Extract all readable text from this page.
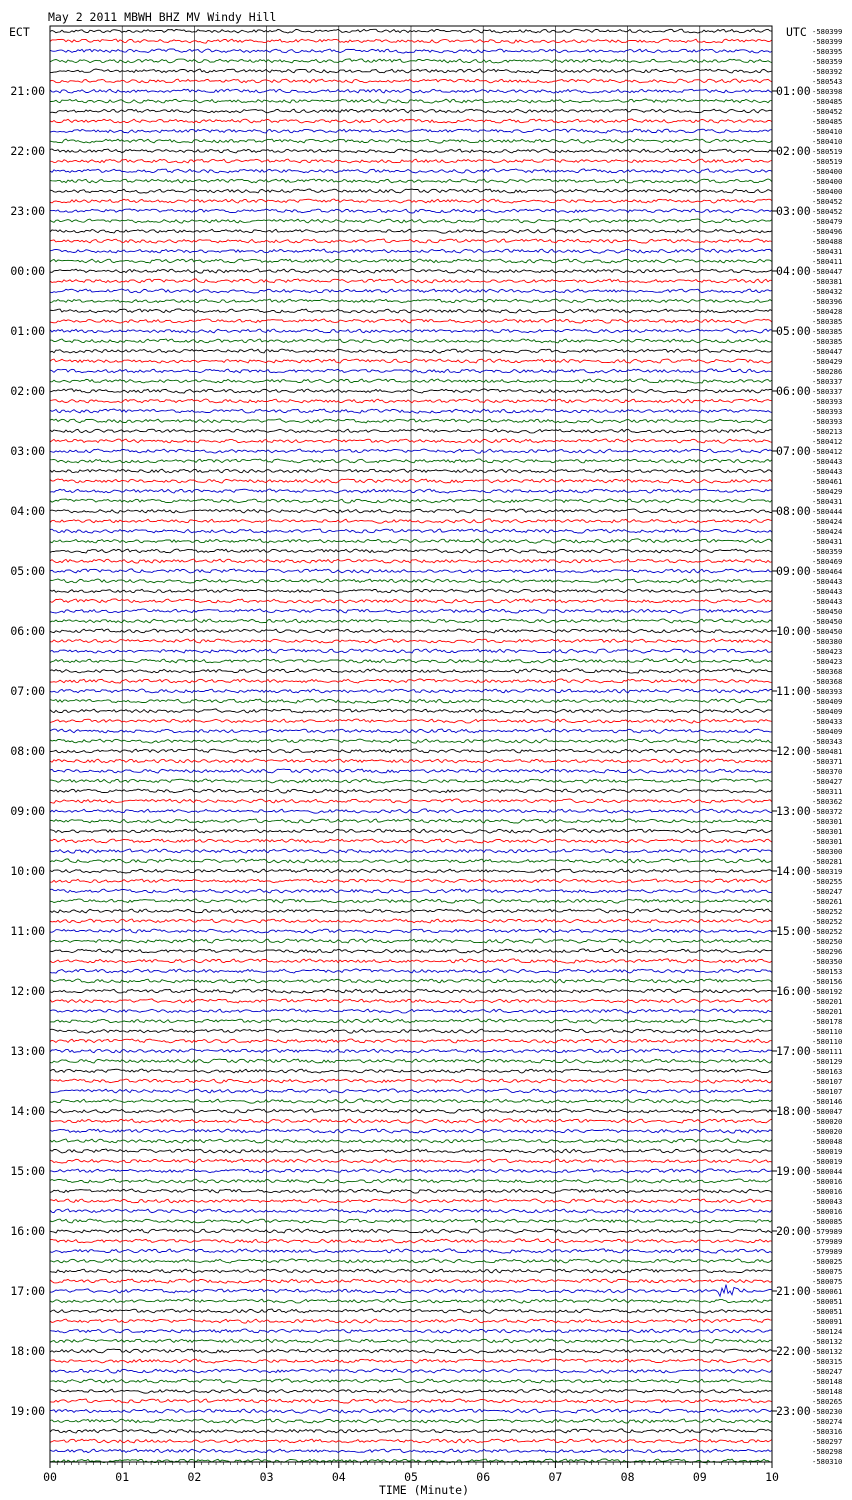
00	01	02	03	04	05	06	07	08	09	10
21:00
22:00
23:00
00:00
01:00
02:00
03:00
04:00
05:00
06:00
07:00
08:00
09:00
10:00
11:00
12:00
13:00
14:00
15:00
16:00
17:00
18:00
19:00
01:00
02:00
03:00
04:00
05:00
06:00
07:00
08:00
09:00
10:00
11:00
12:00
13:00
14:00
15:00
16:00
17:00
18:00
19:00
20:00
21:00
22:00
23:00
-580399
-580399
-580395
-580359
-580392
-580543
-580398
-580485
-580452
-580485
-580410
-580410
-580519
-580519
-580400
-580400
-580400
-580452
-580452
-580479
-580496
-580488
-580431
-580411
-580447
-580381
-580432
-580396
-580428
-580385
-580385
-580385
-580447
-580429
-580286
-580337
-580337
-580393
-580393
-580393
-580213
-580412
-580412
-580443
-580443
-580461
-580429
-580431
-580444
-580424
-580424
-580431
-580359
-580469
-580464
-580443
-580443
-580443
-580450
-580450
-580450
-580380
-580423
-580423
-580368
-580368
-580393
-580409
-580409
-580433
-580409
-580343
-580481
-580371
-580370
-580427
-580311
-580362
-580372
-580301
-580301
-580301
-580300
-580281
-580319
-580255
-580247
-580261
-580252
-580252
-580252
-580250
-580296
-580350
-580153
-580156
-580192
-580201
-580201
-580178
-580110
-580110
-580111
-580129
-580163
-580107
-580107
-580146
-580047
-580020
-580020
-580048
-580019
-580019
-580044
-580016
-580016
-580043
-580016
-580085
-579989
-579989
-579989
-580025
-580075
-580075
-580061
-580051
-580051
-580091
-580124
-580132
-580132
-580315
-580247
-580148
-580148
-580265
-580230
-580274
-580316
-580297
-580298
-580310
May 2 2011 MBWH BHZ MV Windy Hill
ECT	UTC
TIME (Minute)
